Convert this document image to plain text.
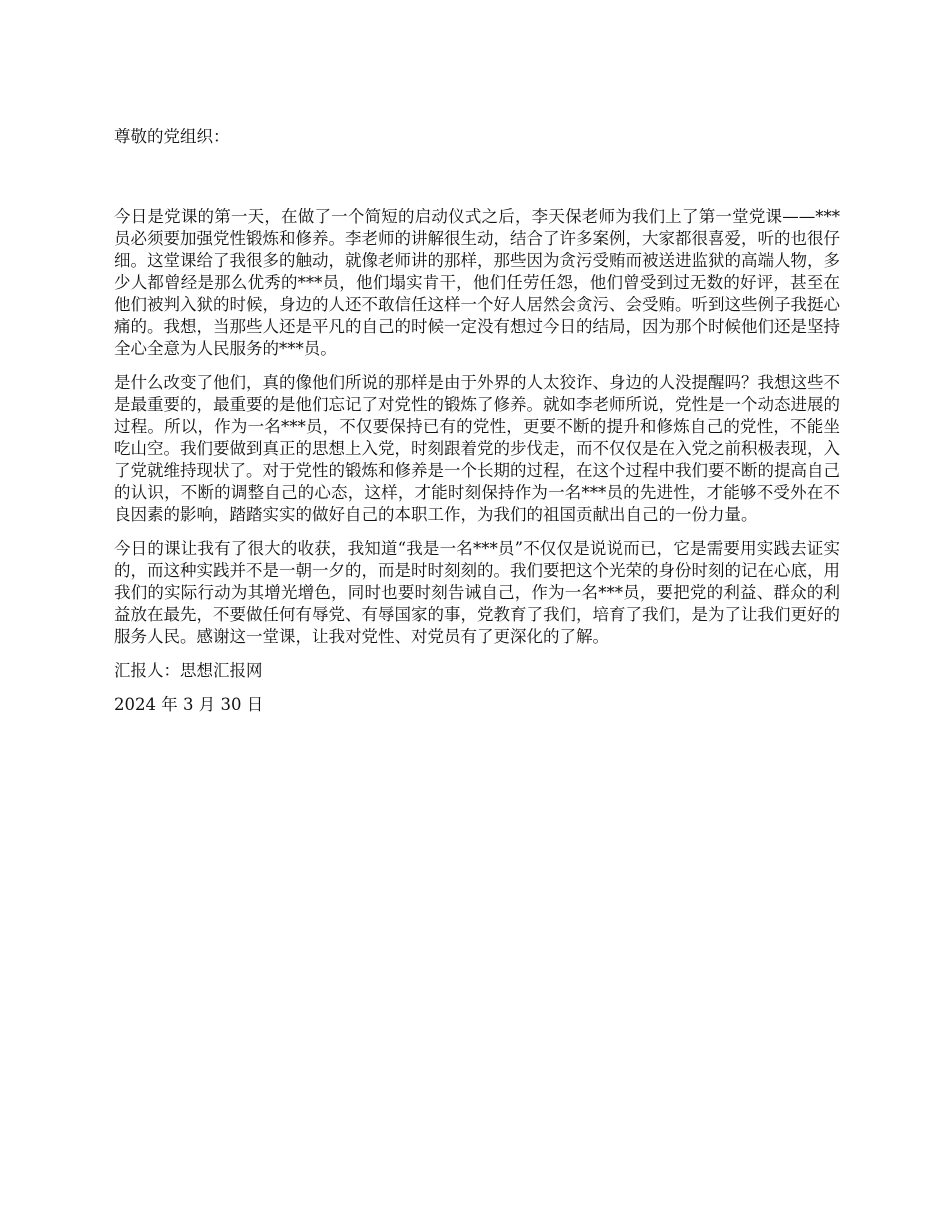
尊敬的党组织：

今日是党课的第一天，在做了一个简短的启动仪式之后，李天保老师为我们上了第一堂党课——***员必须要加强党性锻炼和修养。李老师的讲解很生动，结合了许多案例，大家都很喜爱，听的也很仔细。这堂课给了我很多的触动，就像老师讲的那样，那些因为贪污受贿而被送进监狱的高端人物，多少人都曾经是那么优秀的***员，他们塌实肯干，他们任劳任怨，他们曾受到过无数的好评，甚至在他们被判入狱的时候，身边的人还不敢信任这样一个好人居然会贪污、会受贿。听到这些例子我挺心痛的。我想，当那些人还是平凡的自己的时候一定没有想过今日的结局，因为那个时候他们还是坚持全心全意为人民服务的***员。

是什么改变了他们，真的像他们所说的那样是由于外界的人太狡诈、身边的人没提醒吗？我想这些不是最重要的，最重要的是他们忘记了对党性的锻炼了修养。就如李老师所说，党性是一个动态进展的过程。所以，作为一名***员，不仅要保持已有的党性，更要不断的提升和修炼自己的党性，不能坐吃山空。我们要做到真正的思想上入党，时刻跟着党的步伐走，而不仅仅是在入党之前积极表现，入了党就维持现状了。对于党性的锻炼和修养是一个长期的过程，在这个过程中我们要不断的提高自己的认识，不断的调整自己的心态，这样，才能时刻保持作为一名***员的先进性，才能够不受外在不良因素的影响，踏踏实实的做好自己的本职工作，为我们的祖国贡献出自己的一份力量。

今日的课让我有了很大的收获，我知道“我是一名***员”不仅仅是说说而已，它是需要用实践去证实的，而这种实践并不是一朝一夕的，而是时时刻刻的。我们要把这个光荣的身份时刻的记在心底，用我们的实际行动为其增光增色，同时也要时刻告诫自己，作为一名***员，要把党的利益、群众的利益放在最先，不要做任何有辱党、有辱国家的事，党教育了我们，培育了我们，是为了让我们更好的服务人民。感谢这一堂课，让我对党性、对党员有了更深化的了解。

汇报人：思想汇报网

2024 年 3 月 30 日
